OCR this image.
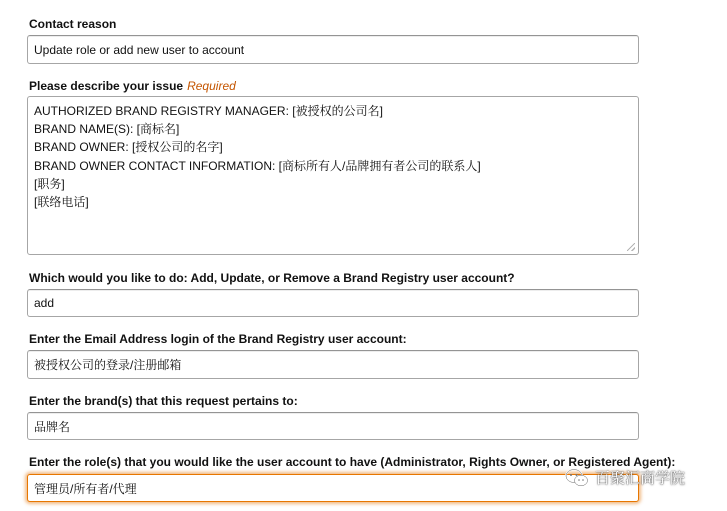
Contact reason
Update role or add new user to account
Please describe your issue Required
AUTHORIZED BRAND REGISTRY MANAGER: [被授权的公司名]
BRAND NAME(S): [商标名]
BRAND OWNER: [授权公司的名字]
BRAND OWNER CONTACT INFORMATION: [商标所有人/品牌拥有者公司的联系人]
[职务]
[联络电话]
Which would you like to do: Add, Update, or Remove a Brand Registry user account?
add
Enter the Email Address login of the Brand Registry user account:
被授权公司的登录/注册邮箱
Enter the brand(s) that this request pertains to:
品牌名
Enter the role(s) that you would like the user account to have (Administrator, Rights Owner, or Registered Agent):
管理员/所有者/代理
百聚汇商学院
